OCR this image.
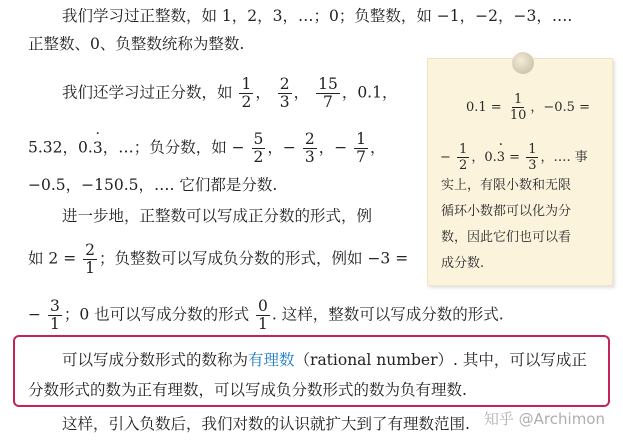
我们学习过正整数，如 1，2，3，…；0；负整数，如 −1，−2，−3，….
正整数、0、负整数统称为整数.
我们还学习过正分数，如 $\frac{1}{2}$ ， $\frac{2}{3}$ ， $\frac{15}{7}$ ，0.1，
5.32，0.3 ·，…；负分数，如 − $\frac{5}{2}$ ，− $\frac{2}{3}$ ，− $\frac{1}{7}$ ，
−0.5，−150.5，…. 它们都是分数.
进一步地，正整数可以写成正分数的形式，例
如 $2 = \frac{2}{1}$ ；负整数可以写成负分数的形式，例如 −3 =
− $\frac{3}{1}$ ；0 也可以写成分数的形式 $\frac{0}{1}$ . 这样，整数可以写成分数的形式.
$0.1 = \frac{1}{10}$ ，−0.5 =
− $\frac{1}{2}$ ，0.3 · = $\frac{1}{3}$ ，…. 事
实上，有限小数和无限
循环小数都可以化为分
数，因此它们也可以看
成分数.
可以写成分数形式的数称为有理数（rational number）. 其中，可以写成正
分数形式的数为正有理数，可以写成负分数形式的数为负有理数.
这样，引入负数后，我们对数的认识就扩大到了有理数范围. 知乎 @Archimon
